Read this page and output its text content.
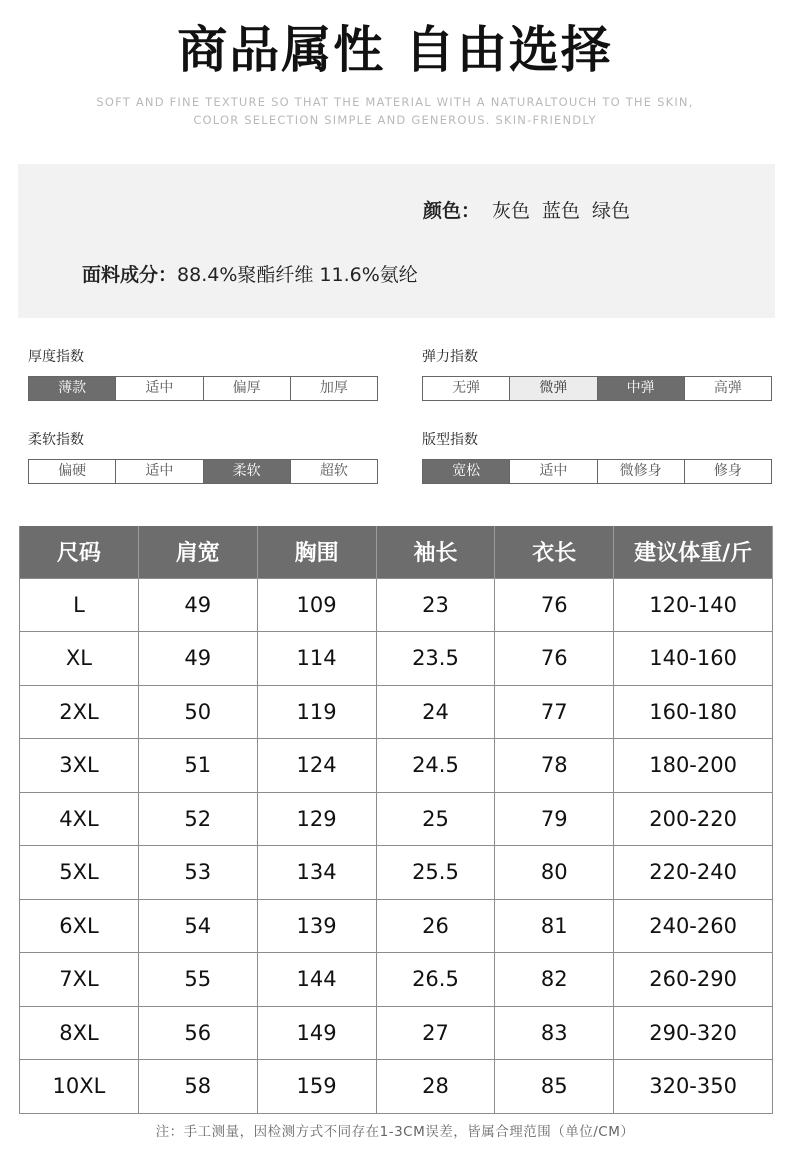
商品属性 自由选择
SOFT AND FINE TEXTURE SO THAT THE MATERIAL WITH A NATURALTOUCH TO THE SKIN,
COLOR SELECTION SIMPLE AND GENEROUS. SKIN-FRIENDLY
颜色： 灰色 蓝色 绿色
面料成分：88.4%聚酯纤维 11.6%氨纶
厚度指数
薄款	适中	偏厚	加厚
弹力指数
无弹	微弹	中弹	高弹
柔软指数
偏硬	适中	柔软	超软
版型指数
宽松	适中	微修身	修身
尺码	肩宽	胸围	袖长	衣长	建议体重/斤
L	49	109	23	76	120-140
XL	49	114	23.5	76	140-160
2XL	50	119	24	77	160-180
3XL	51	124	24.5	78	180-200
4XL	52	129	25	79	200-220
5XL	53	134	25.5	80	220-240
6XL	54	139	26	81	240-260
7XL	55	144	26.5	82	260-290
8XL	56	149	27	83	290-320
10XL	58	159	28	85	320-350
注：手工测量，因检测方式不同存在1-3CM误差，皆属合理范围（单位/CM）
